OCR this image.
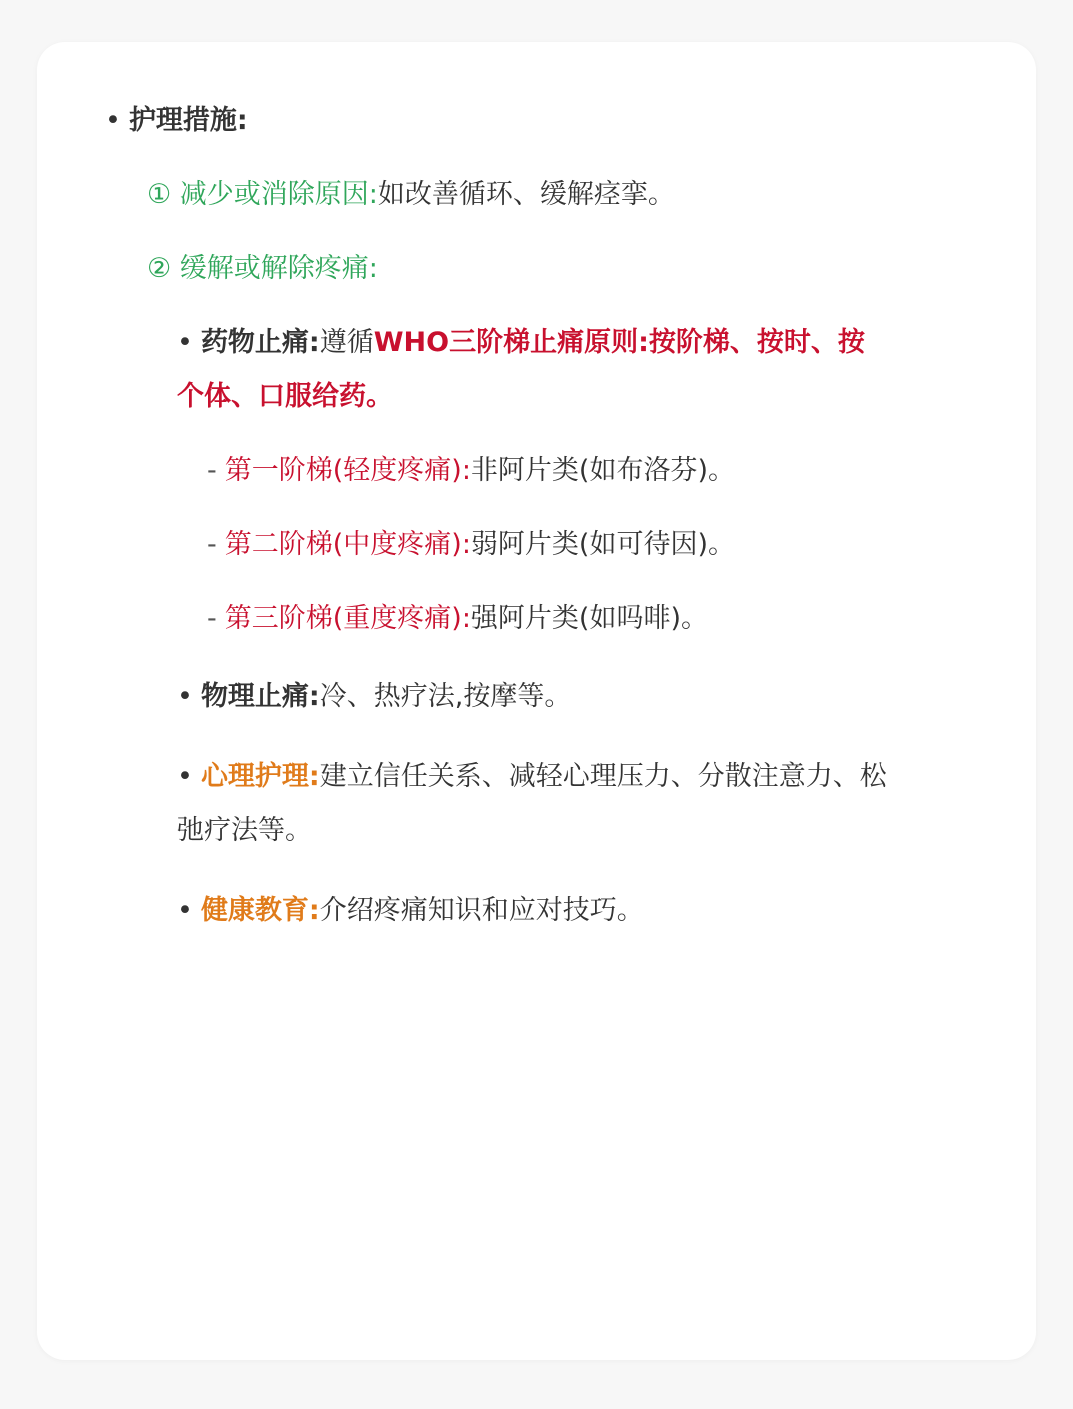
• 护理措施:
① 减少或消除原因:如改善循环、缓解痉挛。
② 缓解或解除疼痛:
• 药物止痛:遵循WHO三阶梯止痛原则:按阶梯、按时、按
个体、口服给药。
- 第一阶梯(轻度疼痛):非阿片类(如布洛芬)。
- 第二阶梯(中度疼痛):弱阿片类(如可待因)。
- 第三阶梯(重度疼痛):强阿片类(如吗啡)。
• 物理止痛:冷、热疗法,按摩等。
• 心理护理:建立信任关系、减轻心理压力、分散注意力、松
弛疗法等。
• 健康教育:介绍疼痛知识和应对技巧。
